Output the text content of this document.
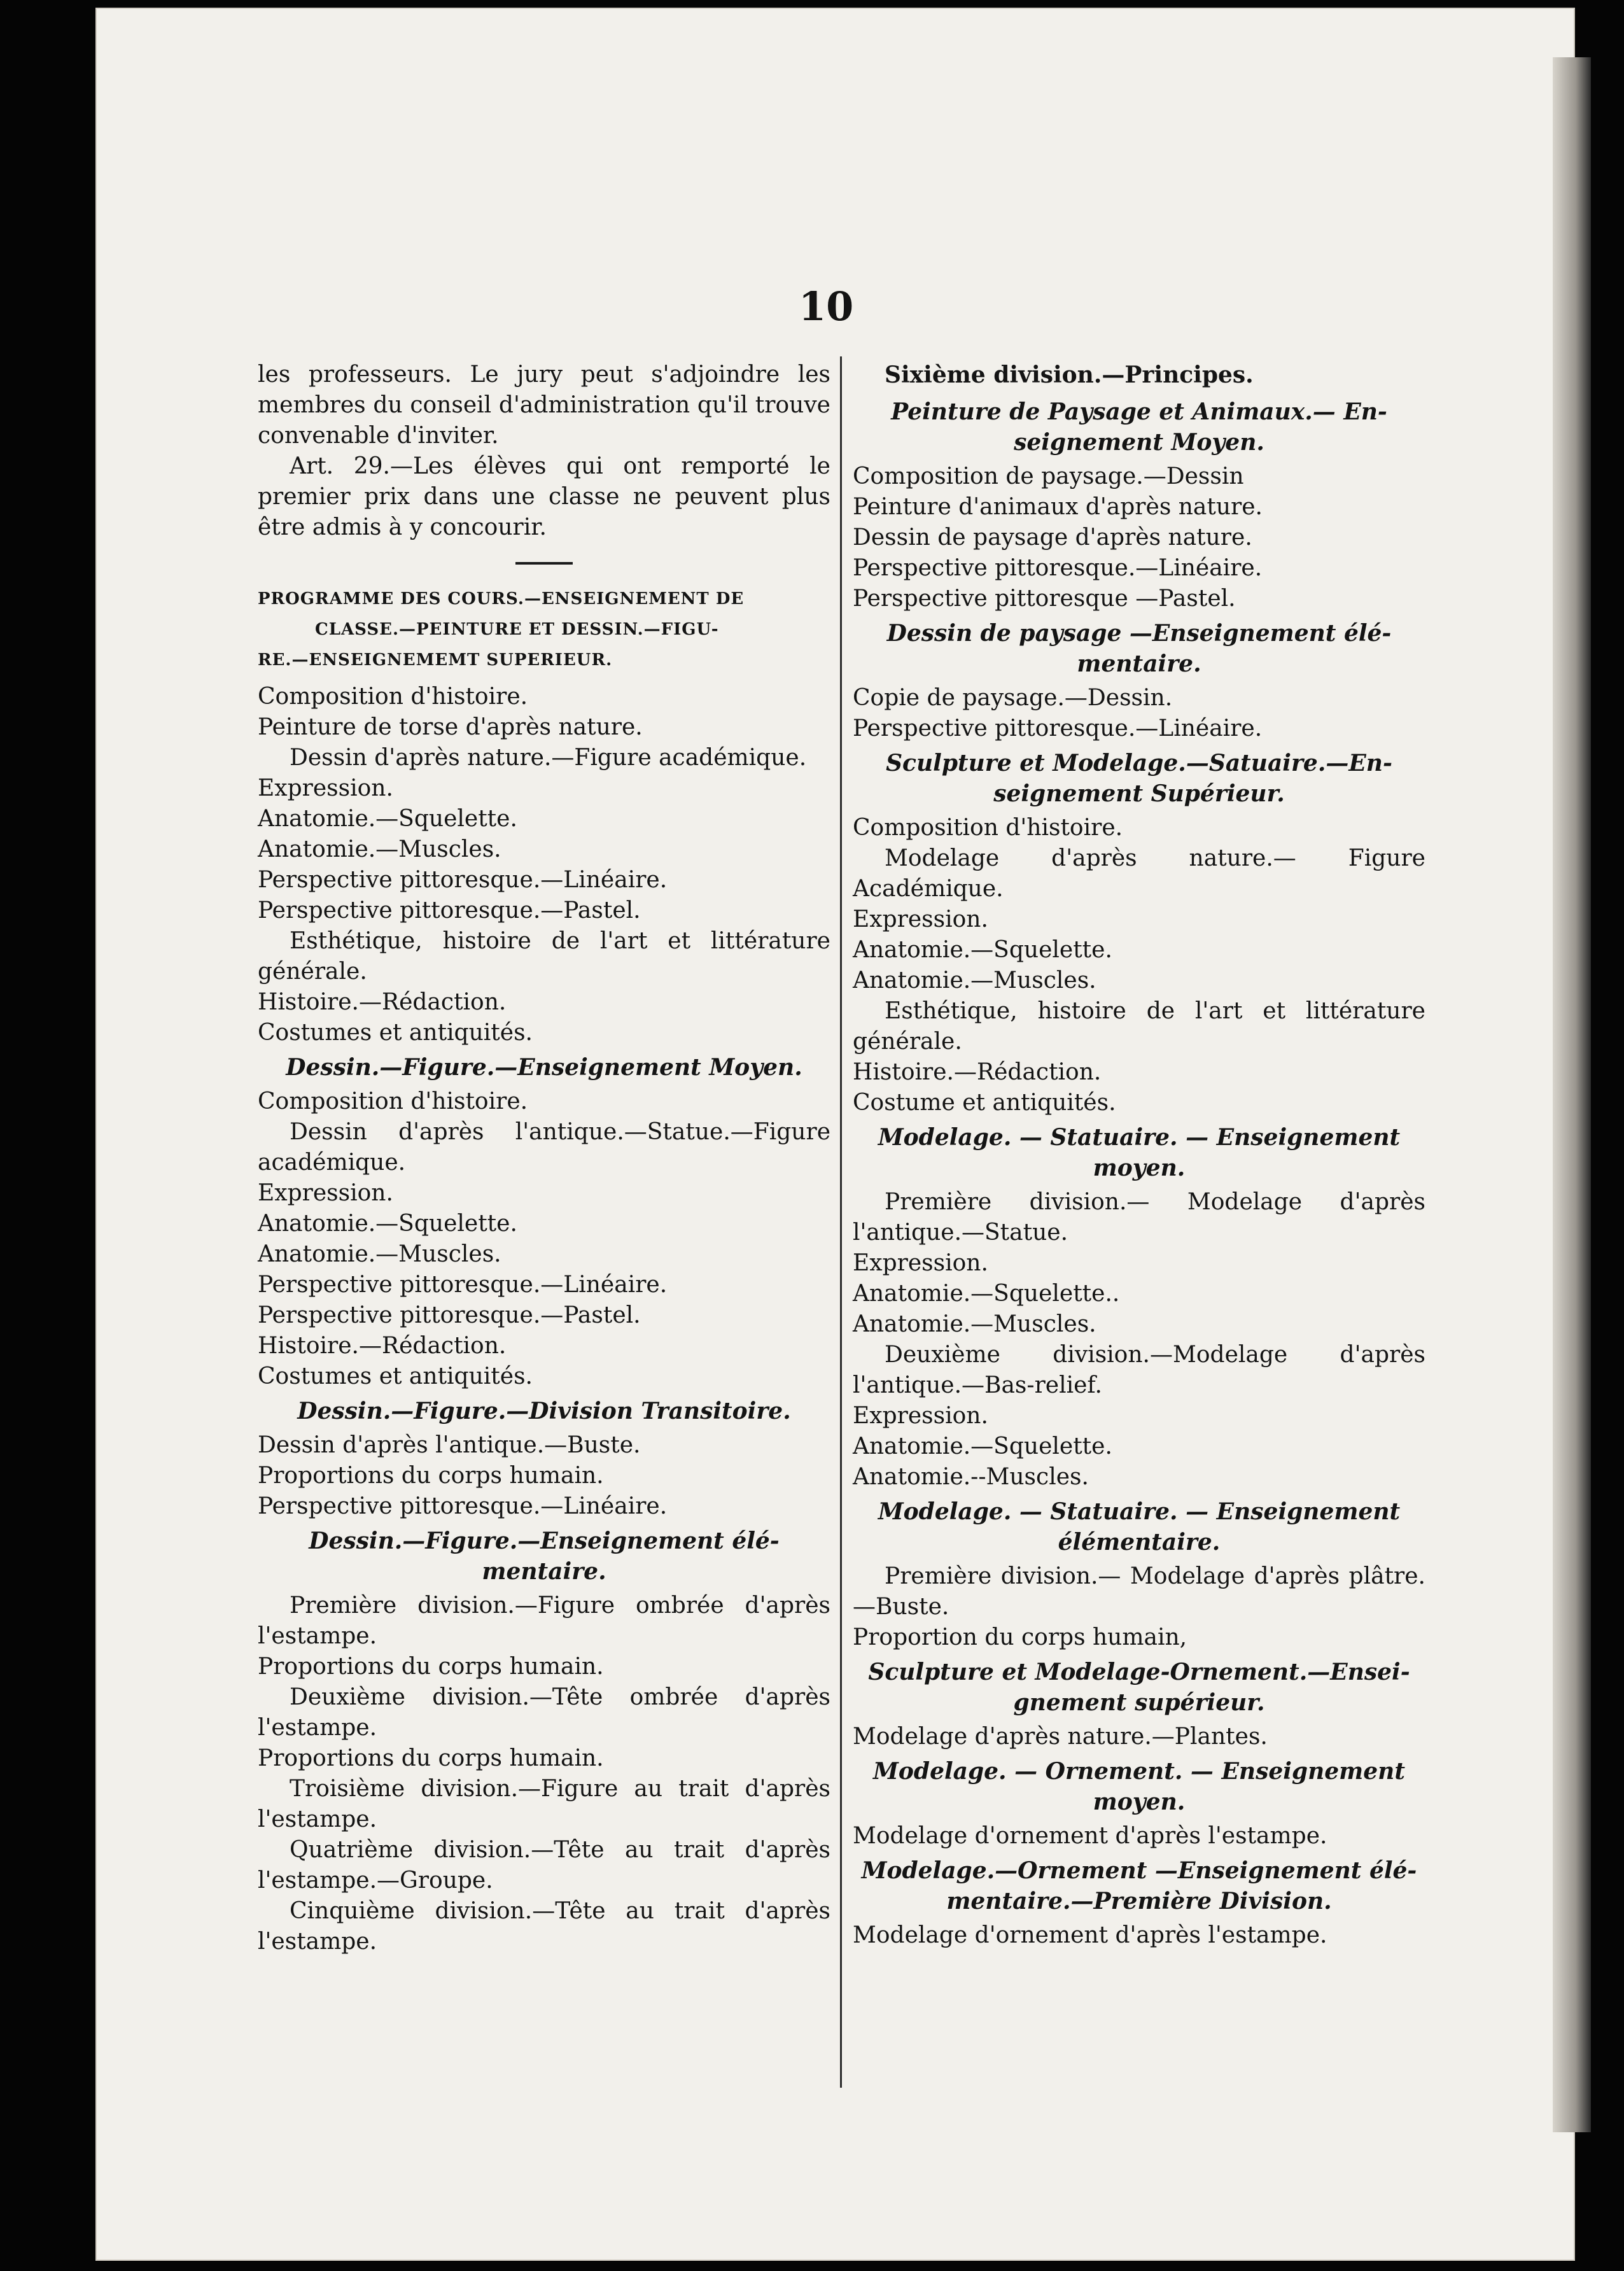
10

les professeurs. Le jury peut s'adjoindre les membres du conseil d'administration qu'il trouve convenable d'inviter.

Art. 29.—Les élèves qui ont remporté le premier prix dans une classe ne peuvent plus être admis à y concourir.

PROGRAMME DES COURS.—ENSEIGNEMENT DE
CLASSE.—PEINTURE ET DESSIN.—FIGU-
RE.—ENSEIGNEMEMT SUPERIEUR.

Composition d'histoire.

Peinture de torse d'après nature.

Dessin d'après nature.—Figure académique.

Expression.

Anatomie.—Squelette.

Anatomie.—Muscles.

Perspective pittoresque.—Linéaire.

Perspective pittoresque.—Pastel.

Esthétique, histoire de l'art et littérature générale.

Histoire.—Rédaction.

Costumes et antiquités.

Dessin.—Figure.—Enseignement Moyen.

Composition d'histoire.

Dessin d'après l'antique.—Statue.—Figure académique.

Expression.

Anatomie.—Squelette.

Anatomie.—Muscles.

Perspective pittoresque.—Linéaire.

Perspective pittoresque.—Pastel.

Histoire.—Rédaction.

Costumes et antiquités.

Dessin.—Figure.—Division Transitoire.

Dessin d'après l'antique.—Buste.

Proportions du corps humain.

Perspective pittoresque.—Linéaire.

Dessin.—Figure.—Enseignement élé-
mentaire.

Première division.—Figure ombrée d'après l'estampe.

Proportions du corps humain.

Deuxième division.—Tête ombrée d'après l'estampe.

Proportions du corps humain.

Troisième division.—Figure au trait d'après l'estampe.

Quatrième division.—Tête au trait d'après l'estampe.—Groupe.

Cinquième division.—Tête au trait d'après l'estampe.

Sixième division.—Principes.

Peinture de Paysage et Animaux.— En-
seignement Moyen.

Composition de paysage.—Dessin

Peinture d'animaux d'après nature.

Dessin de paysage d'après nature.

Perspective pittoresque.—Linéaire.

Perspective pittoresque —Pastel.

Dessin de paysage —Enseignement élé-
mentaire.

Copie de paysage.—Dessin.

Perspective pittoresque.—Linéaire.

Sculpture et Modelage.—Satuaire.—En-
seignement Supérieur.

Composition d'histoire.

Modelage d'après nature.— Figure Académique.

Expression.

Anatomie.—Squelette.

Anatomie.—Muscles.

Esthétique, histoire de l'art et littérature générale.

Histoire.—Rédaction.

Costume et antiquités.

Modelage. — Statuaire. — Enseignement
moyen.

Première division.— Modelage d'après l'antique.—Statue.

Expression.

Anatomie.—Squelette..

Anatomie.—Muscles.

Deuxième division.—Modelage d'après l'antique.—Bas-relief.

Expression.

Anatomie.—Squelette.

Anatomie.--Muscles.

Modelage. — Statuaire. — Enseignement
élémentaire.

Première division.— Modelage d'après plâtre.—Buste.

Proportion du corps humain,

Sculpture et Modelage-Ornement.—Ensei-
gnement supérieur.

Modelage d'après nature.—Plantes.

Modelage. — Ornement. — Enseignement
moyen.

Modelage d'ornement d'après l'estampe.

Modelage.—Ornement —Enseignement élé-
mentaire.—Première Division.

Modelage d'ornement d'après l'estampe.
